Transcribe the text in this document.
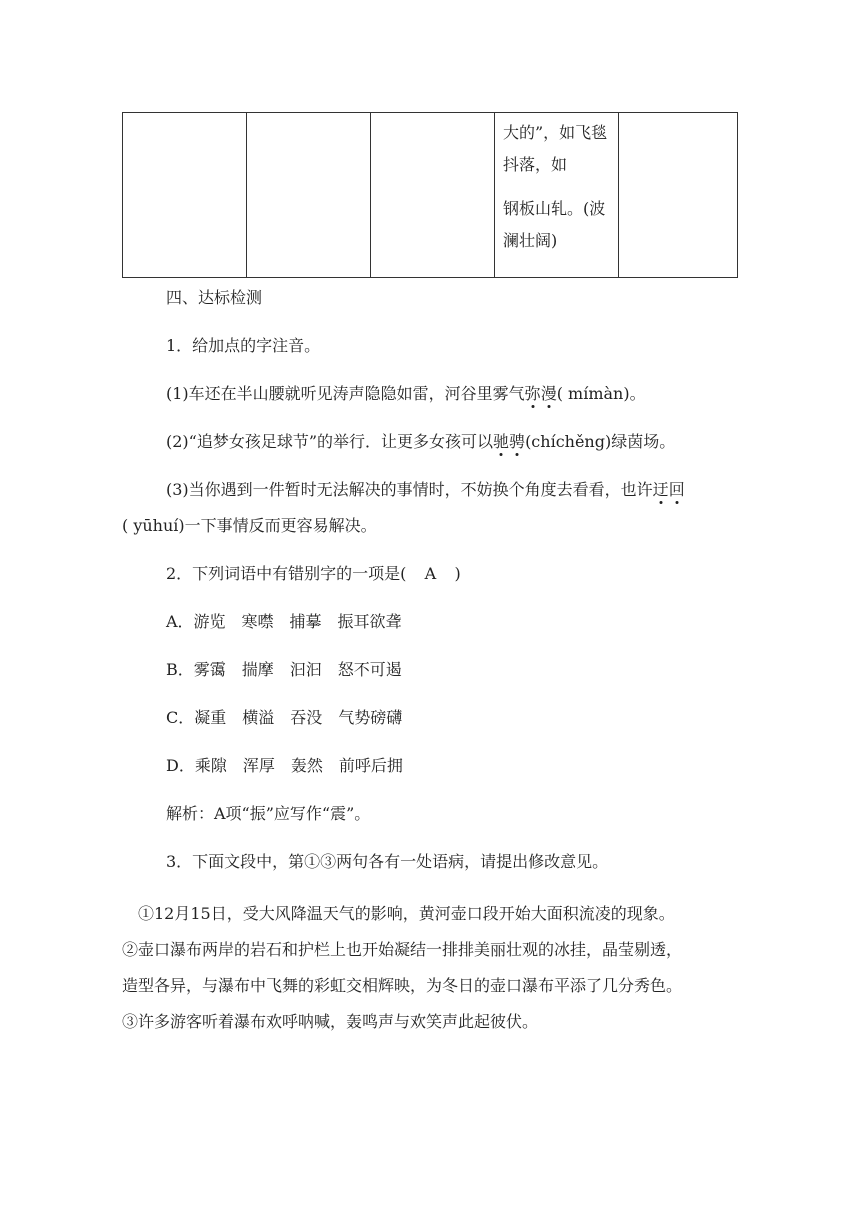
大的”，如飞毯

抖落，如

钢板山轧。(波

澜壮阔)

四、达标检测
1．给加点的字注音。
(1)车还在半山腰就听见涛声隐隐如雷，河谷里雾气弥漫( mímàn)。
(2)“追梦女孩足球节”的举行．让更多女孩可以驰骋(chíchěng)绿茵场。
(3)当你遇到一件暂时无法解决的事情时，不妨换个角度去看看，也许迂回
( yūhuí)一下事情反而更容易解决。
2．下列词语中有错别字的一项是( A )
A．游览　寒噤　捕摹　振耳欲聋
B．雾霭　揣摩　汩汩　怒不可遏
C．凝重　横溢　吞没　气势磅礴
D．乘隙　浑厚　轰然　前呼后拥
解析：A项“振”应写作“震”。
3．下面文段中，第①③两句各有一处语病，请提出修改意见。

①12月15日，受大风降温天气的影响，黄河壶口段开始大面积流凌的现象。

②壶口瀑布两岸的岩石和护栏上也开始凝结一排排美丽壮观的冰挂，晶莹剔透，

造型各异，与瀑布中飞舞的彩虹交相辉映，为冬日的壶口瀑布平添了几分秀色。

③许多游客听着瀑布欢呼呐喊，轰鸣声与欢笑声此起彼伏。
